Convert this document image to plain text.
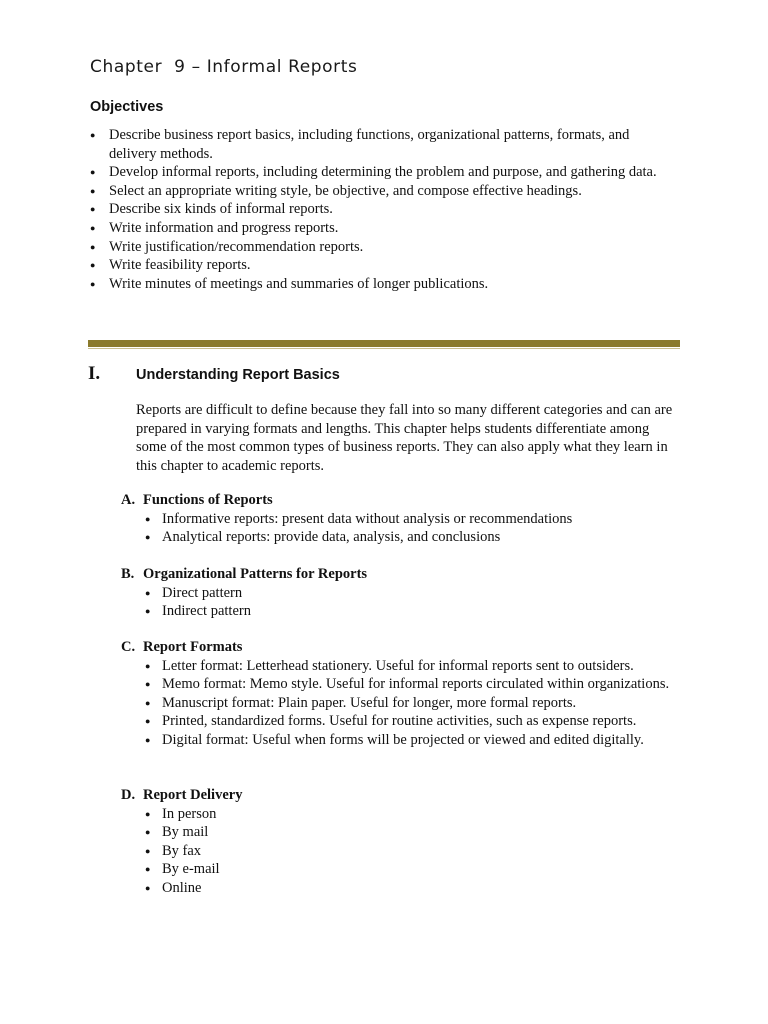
Chapter  9 – Informal Reports
Objectives
● Describe business report basics, including functions, organizational patterns, formats, and delivery methods.
● Develop informal reports, including determining the problem and purpose, and gathering data.
● Select an appropriate writing style, be objective, and compose effective headings.
● Describe six kinds of informal reports.
● Write information and progress reports.
● Write justification/recommendation reports.
● Write feasibility reports.
● Write minutes of meetings and summaries of longer publications.
I. Understanding Report Basics

Reports are difficult to define because they fall into so many different categories and can are prepared in varying formats and lengths. This chapter helps students differentiate among some of the most common types of business reports. They can also apply what they learn in this chapter to academic reports.

A. Functions of Reports

● Informative reports: present data without analysis or recommendations
● Analytical reports: provide data, analysis, and conclusions

B. Organizational Patterns for Reports

● Direct pattern
● Indirect pattern

C. Report Formats

● Letter format: Letterhead stationery. Useful for informal reports sent to outsiders.
● Memo format: Memo style. Useful for informal reports circulated within organizations.
● Manuscript format: Plain paper. Useful for longer, more formal reports.
● Printed, standardized forms. Useful for routine activities, such as expense reports.
● Digital format: Useful when forms will be projected or viewed and edited digitally.

D. Report Delivery

● In person
● By mail
● By fax
● By e-mail
● Online
